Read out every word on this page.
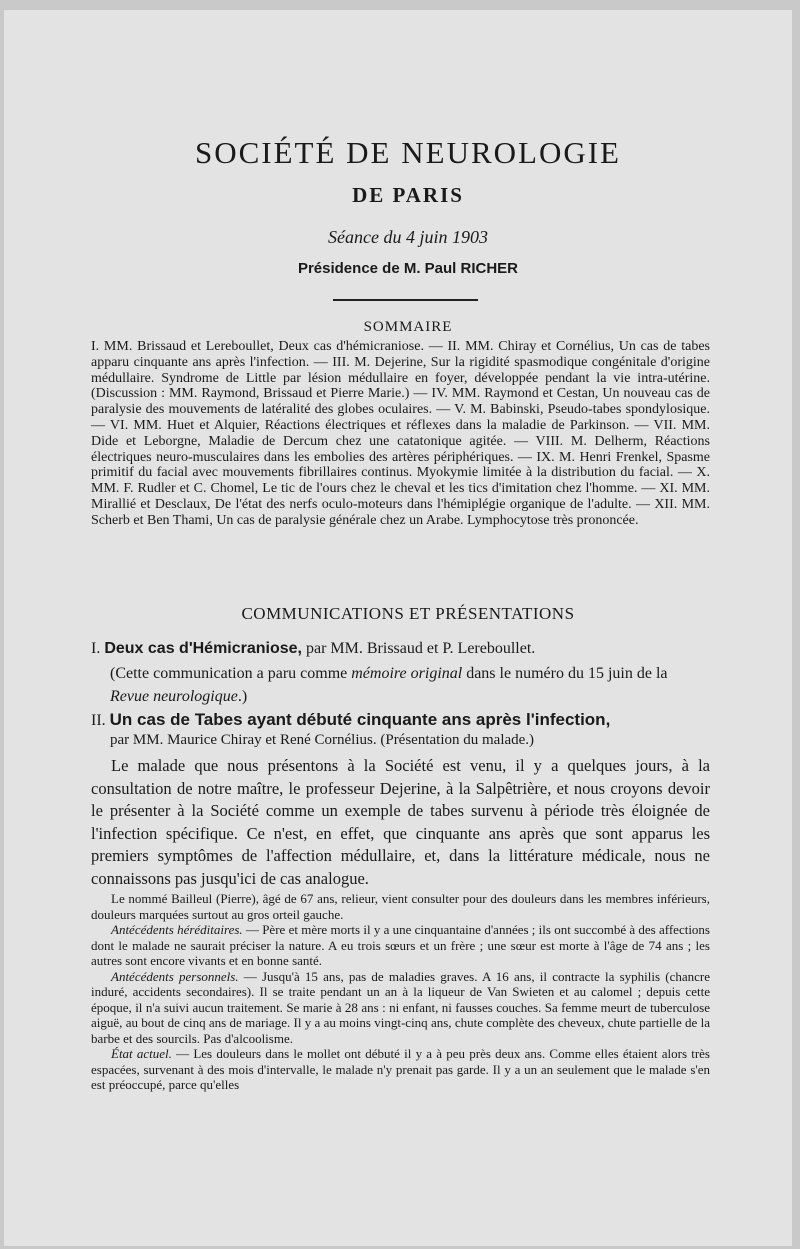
SOCIÉTÉ DE NEUROLOGIE
DE PARIS
Séance du 4 juin 1903
Présidence de M. Paul RICHER
SOMMAIRE

I. MM. Brissaud et Lereboullet, Deux cas d'hémicraniose. — II. MM. Chiray et Cornélius, Un cas de tabes apparu cinquante ans après l'infection. — III. M. Dejerine, Sur la rigidité spasmodique congénitale d'origine médullaire. Syndrome de Little par lésion médullaire en foyer, développée pendant la vie intra-utérine. (Discussion : MM. Raymond, Brissaud et Pierre Marie.) — IV. MM. Raymond et Cestan, Un nouveau cas de paralysie des mouvements de latéralité des globes oculaires. — V. M. Babinski, Pseudo-tabes spondylosique. — VI. MM. Huet et Alquier, Réactions électriques et réflexes dans la maladie de Parkinson. — VII. MM. Dide et Leborgne, Maladie de Dercum chez une catatonique agitée. — VIII. M. Delherm, Réactions électriques neuro-musculaires dans les embolies des artères périphériques. — IX. M. Henri Frenkel, Spasme primitif du facial avec mouvements fibrillaires continus. Myokymie limitée à la distribution du facial. — X. MM. F. Rudler et C. Chomel, Le tic de l'ours chez le cheval et les tics d'imitation chez l'homme. — XI. MM. Mirallié et Desclaux, De l'état des nerfs oculo-moteurs dans l'hémiplégie organique de l'adulte. — XII. MM. Scherb et Ben Thami, Un cas de paralysie générale chez un Arabe. Lymphocytose très prononcée.

COMMUNICATIONS ET PRÉSENTATIONS

I. Deux cas d'Hémicraniose, par MM. Brissaud et P. Lereboullet.

(Cette communication a paru comme mémoire original dans le numéro du 15 juin de la Revue neurologique.)

II. Un cas de Tabes ayant débuté cinquante ans après l'infection,

par MM. Maurice Chiray et René Cornélius. (Présentation du malade.)

Le malade que nous présentons à la Société est venu, il y a quelques jours, à la consultation de notre maître, le professeur Dejerine, à la Salpêtrière, et nous croyons devoir le présenter à la Société comme un exemple de tabes survenu à période très éloignée de l'infection spécifique. Ce n'est, en effet, que cinquante ans après que sont apparus les premiers symptômes de l'affection médullaire, et, dans la littérature médicale, nous ne connaissons pas jusqu'ici de cas analogue.

Le nommé Bailleul (Pierre), âgé de 67 ans, relieur, vient consulter pour des douleurs dans les membres inférieurs, douleurs marquées surtout au gros orteil gauche.

Antécédents héréditaires. — Père et mère morts il y a une cinquantaine d'années ; ils ont succombé à des affections dont le malade ne saurait préciser la nature. A eu trois sœurs et un frère ; une sœur est morte à l'âge de 74 ans ; les autres sont encore vivants et en bonne santé.

Antécédents personnels. — Jusqu'à 15 ans, pas de maladies graves. A 16 ans, il contracte la syphilis (chancre induré, accidents secondaires). Il se traite pendant un an à la liqueur de Van Swieten et au calomel ; depuis cette époque, il n'a suivi aucun traitement. Se marie à 28 ans : ni enfant, ni fausses couches. Sa femme meurt de tuberculose aiguë, au bout de cinq ans de mariage. Il y a au moins vingt-cinq ans, chute complète des cheveux, chute partielle de la barbe et des sourcils. Pas d'alcoolisme.

État actuel. — Les douleurs dans le mollet ont débuté il y a à peu près deux ans. Comme elles étaient alors très espacées, survenant à des mois d'intervalle, le malade n'y prenait pas garde. Il y a un an seulement que le malade s'en est préoccupé, parce qu'elles
